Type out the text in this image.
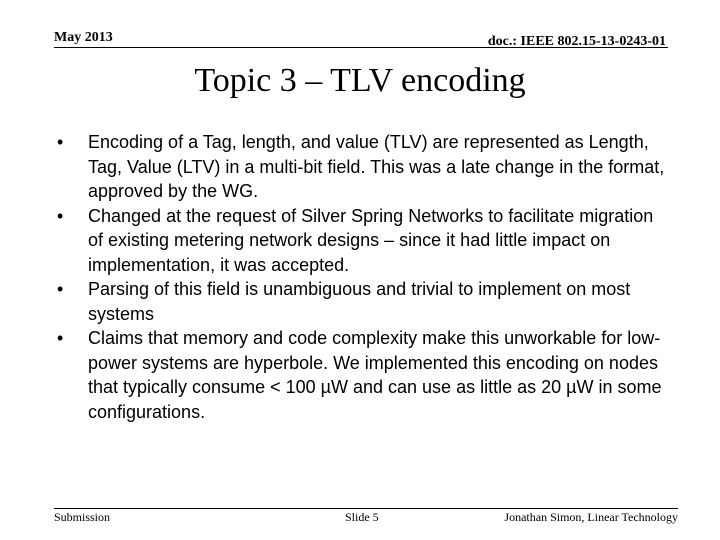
May 2013	doc.: IEEE 802.15-13-0243-01
Topic 3 – TLV encoding
• Encoding of a Tag, length, and value (TLV) are represented as Length, Tag, Value (LTV) in a multi-bit field. This was a late change in the format, approved by the WG.
• Changed at the request of Silver Spring Networks to facilitate migration of existing metering network designs – since it had little impact on implementation, it was accepted.
• Parsing of this field is unambiguous and trivial to implement on most systems
• Claims that memory and code complexity make this unworkable for low-power systems are hyperbole. We implemented this encoding on nodes that typically consume < 100 µW and can use as little as 20 µW in some configurations.
Submission	Slide 5	Jonathan Simon, Linear Technology
